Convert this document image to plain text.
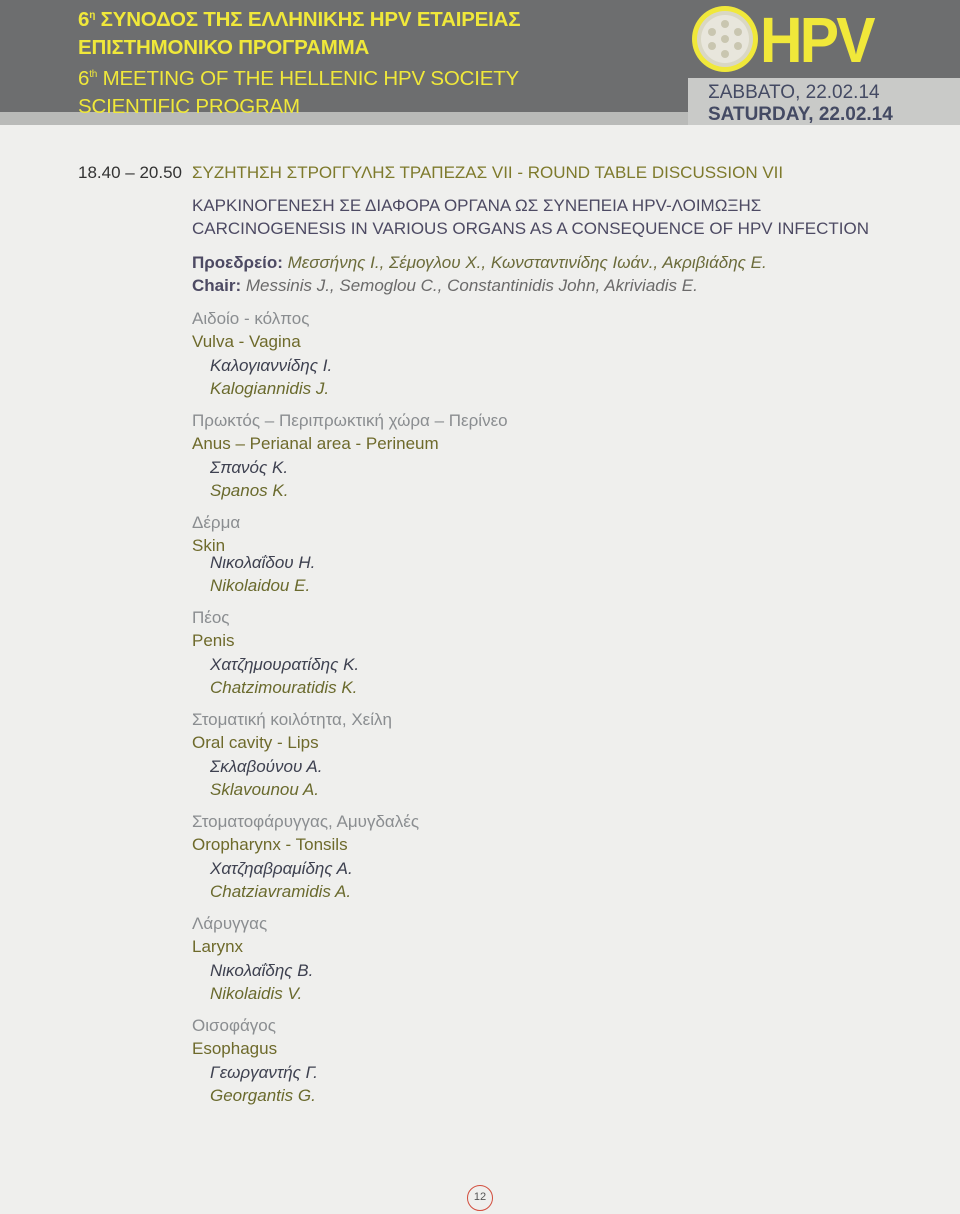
$6^\eta$ ΣΥΝΟΔΟΣ ΤΗΣ ΕΛΛΗΝΙΚΗΣ HPV ΕΤΑΙΡΕΙΑΣ
ΕΠΙΣΤΗΜΟΝΙΚΟ ΠΡΟΓΡΑΜΜΑ
6th MEETING OF THE HELLENIC HPV SOCIETY
SCIENTIFIC PROGRAM
HPV
ΣΑΒΒΑΤΟ, 22.02.14
SATURDAY, 22.02.14
18.40 – 20.50 ΣΥΖΗΤΗΣΗ ΣΤΡΟΓΓΥΛΗΣ ΤΡΑΠΕΖΑΣ VII - ROUND TABLE DISCUSSION VII
ΚΑΡΚΙΝΟΓΕΝΕΣΗ ΣΕ ΔΙΑΦΟΡΑ ΟΡΓΑΝΑ ΩΣ ΣΥΝΕΠΕΙΑ HPV-ΛΟΙΜΩΞΗΣ
CARCINOGENESIS IN VARIOUS ORGANS AS A CONSEQUENCE OF HPV INFECTION
Προεδρείο: Μεσσήνης Ι., Σέμογλου Χ., Κωνσταντινίδης Ιωάν., Ακριβιάδης Ε.
Chair: Messinis J., Semoglou C., Constantinidis John, Akriviadis E.
Αιδοίο - κόλπος
Vulva - Vagina
Καλογιαννίδης Ι.
Kalogiannidis J.
Πρωκτός – Περιπρωκτική χώρα – Περίνεο
Anus – Perianal area - Perineum
Σπανός Κ.
Spanos K.
Δέρμα
Skin
Νικολαΐδου Η.
Nikolaidou E.
Πέος
Penis
Χατζημουρατίδης Κ.
Chatzimouratidis K.
Στοματική κοιλότητα, Χείλη
Oral cavity - Lips
Σκλαβούνου Α.
Sklavounou A.
Στοματοφάρυγγας, Αμυγδαλές
Oropharynx - Tonsils
Χατζηαβραμίδης Α.
Chatziavramidis A.
Λάρυγγας
Larynx
Νικολαΐδης Β.
Nikolaidis V.
Οισοφάγος
Esophagus
Γεωργαντής Γ.
Georgantis G.
12
